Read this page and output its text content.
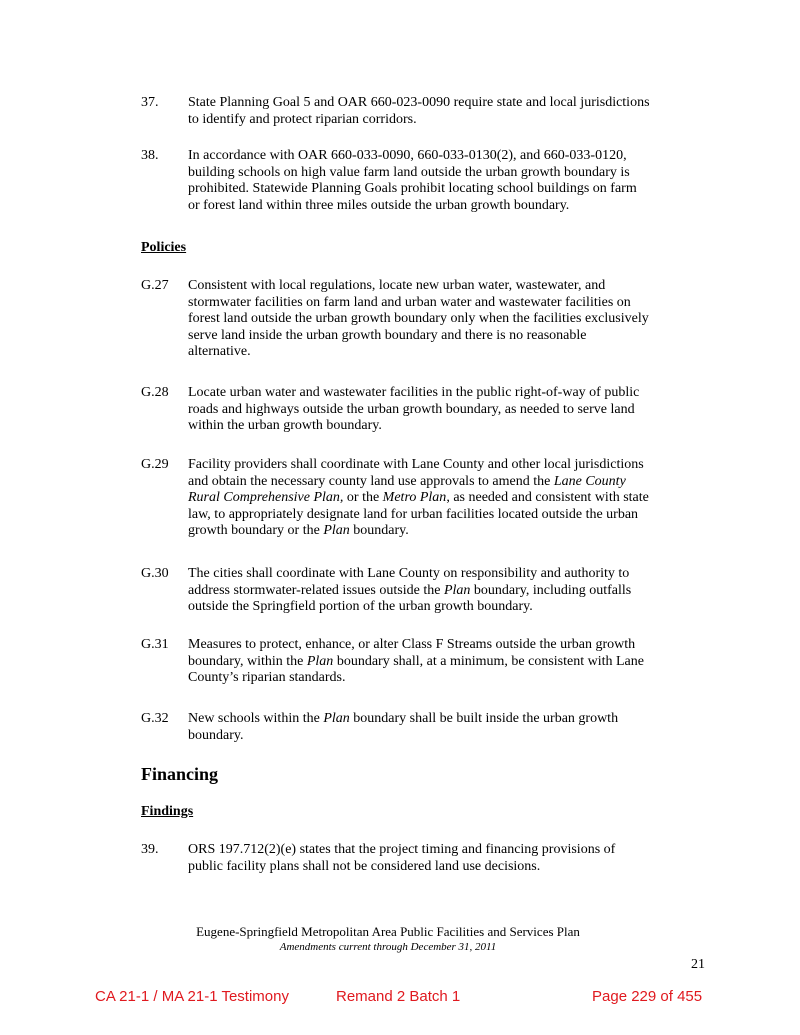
37. State Planning Goal 5 and OAR 660-023-0090 require state and local jurisdictions
to identify and protect riparian corridors.
38. In accordance with OAR 660-033-0090, 660-033-0130(2), and 660-033-0120,
building schools on high value farm land outside the urban growth boundary is
prohibited. Statewide Planning Goals prohibit locating school buildings on farm
or forest land within three miles outside the urban growth boundary.
Policies
G.27 Consistent with local regulations, locate new urban water, wastewater, and
stormwater facilities on farm land and urban water and wastewater facilities on
forest land outside the urban growth boundary only when the facilities exclusively
serve land inside the urban growth boundary and there is no reasonable
alternative.
G.28 Locate urban water and wastewater facilities in the public right-of-way of public
roads and highways outside the urban growth boundary, as needed to serve land
within the urban growth boundary.
G.29 Facility providers shall coordinate with Lane County and other local jurisdictions
and obtain the necessary county land use approvals to amend the Lane County
Rural Comprehensive Plan, or the Metro Plan, as needed and consistent with state
law, to appropriately designate land for urban facilities located outside the urban
growth boundary or the Plan boundary.
G.30 The cities shall coordinate with Lane County on responsibility and authority to
address stormwater-related issues outside the Plan boundary, including outfalls
outside the Springfield portion of the urban growth boundary.
G.31 Measures to protect, enhance, or alter Class F Streams outside the urban growth
boundary, within the Plan boundary shall, at a minimum, be consistent with Lane
County’s riparian standards.
G.32 New schools within the Plan boundary shall be built inside the urban growth
boundary.
Financing
Findings
39. ORS 197.712(2)(e) states that the project timing and financing provisions of
public facility plans shall not be considered land use decisions.
Eugene-Springfield Metropolitan Area Public Facilities and Services Plan
Amendments current through December 31, 2011
21
CA 21-1 / MA 21-1 Testimony	Remand 2 Batch 1	Page 229 of 455
